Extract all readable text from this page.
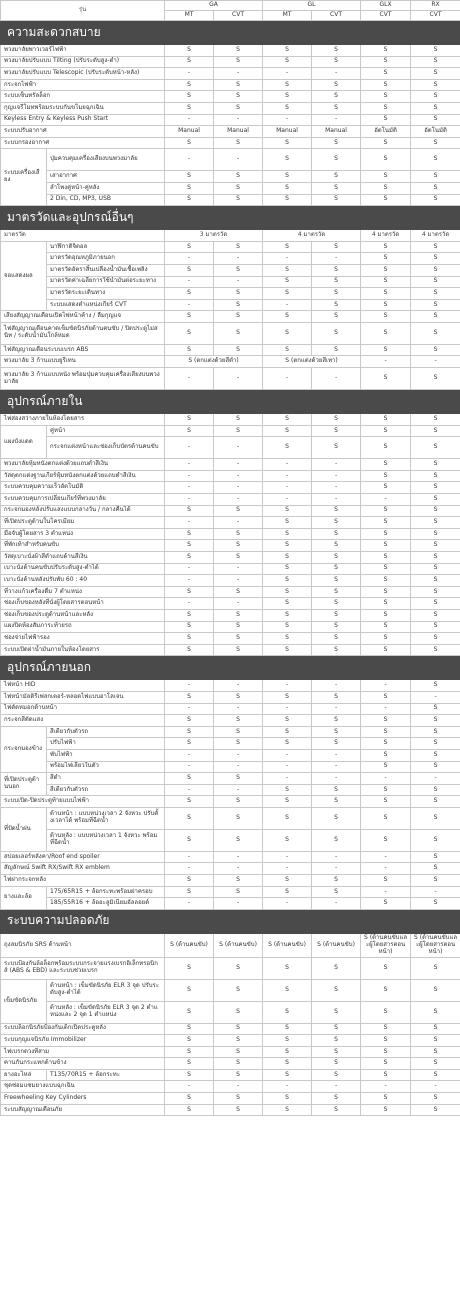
รุ่น		GA		GL		GLX	RX
		MT	CVT	MT	CVT	CVT	CVT
ความสะดวกสบาย							
พวงมาลัยพาวเวอร์ไฟฟ้า		S	S	S	S	S	S
พวงมาลัยปรับแบบ Tilting (ปรับระดับสูง-ต่ำ)		S	S	S	S	S	S
พวงมาลัยปรับแบบ Telescopic (ปรับระดับหน้า-หลัง)		-	-	-	-	S	S
กระจกไฟฟ้า		S	S	S	S	S	S
ระบบเซ็นทรัลล็อก		S	S	S	S	S	S
กุญแจรีโมทพร้อมระบบกันขโมยฉุกเฉิน		S	S	S	S	S	S
Keyless Entry & Keyless Push Start		-	-	-	-	S	S
ระบบปรับอากาศ		Manual	Manual	Manual	Manual	อัตโนมัติ	อัตโนมัติ
ระบบกรองอากาศ		S	S	S	S	S	S
ระบบเครื่องเสียง	ปุ่มควบคุมเครื่องเสียงบนพวงมาลัย	-	-	S	S	S	S
	เสาอากาศ	S	S	S	S	S	S
	ลำโพงคู่หน้า-คู่หลัง	S	S	S	S	S	S
	2 Din, CD, MP3, USB	S	S	S	S	S	S
มาตรวัดและอุปกรณ์อื่นๆ							
มาตรวัด		3 มาตรวัด		4 มาตรวัด		4 มาตรวัด	4 มาตรวัด
จอแสดงผล	นาฬิกาดิจิตอล	S	S	S	S	S	S
	มาตรวัดอุณหภูมิภายนอก	-	-	-	-	S	S
	มาตรวัดอัตราสิ้นเปลืองน้ำมันเชื้อเพลิง	S	S	S	S	S	S
	มาตรวัดค่าเฉลี่ยการใช้น้ำมันต่อระยะทาง	-	-	S	S	S	S
	มาตรวัดระยะเดินทาง	S	S	S	S	S	S
	ระบบแสดงตำแหน่งเกียร์ CVT	-	S	-	S	S	S
เสียงสัญญาณเตือนเปิดไฟหน้าค้าง / ลืมกุญแจ		S	S	S	S	S	S
ไฟสัญญาณเตือนคาดเข็มขัดนิรภัยด้านคนขับ / ปิดประตูไม่สนิท / ระดับน้ำมันใกล้หมด		S	S	S	S	S	S
ไฟสัญญาณเตือนระบบเบรก ABS		S	S	S	S	S	S
พวงมาลัย 3 ก้านแบบยูรีเทน		S (ตกแต่งด้วยสีดำ)		S (ตกแต่งด้วยสีเทา)		-	-
พวงมาลัย 3 ก้านแบบหนัง พร้อมปุ่มควบคุมเครื่องเสียงบนพวงมาลัย		-	-	-	-	S	S
อุปกรณ์ภายใน							
ไฟส่องสว่างภายในห้องโดยสาร		S	S	S	S	S	S
แผงบังแดด	คู่หน้า	S	S	S	S	S	S
	กระจกแต่งหน้าและช่องเก็บบัตรด้านคนขับ	-	-	S	S	S	S
พวงมาลัยหุ้มหนังตกแต่งด้วยแถบดำสีเงิน		-	-	-	-	S	S
วัสดุตกแต่งฐานเกียร์หุ้มหนังตกแต่งด้วยแถบดำสีเงิน		-	-	-	-	S	S
ระบบควบคุมความเร็วอัตโนมัติ		-	-	-	-	S	S
ระบบควบคุมการเปลี่ยนเกียร์ที่พวงมาลัย		-	-	-	-	-	S
กระจกมองหลังปรับแสงแบบกลางวัน / กลางคืนได้		S	S	S	S	S	S
ที่เปิดประตูด้านในโครเมียม		-	-	S	S	S	S
มือจับผู้โดยสาร 3 ตำแหน่ง		S	S	S	S	S	S
ที่พักเท้าสำหรับคนขับ		S	S	S	S	S	S
วัสดุเบาะนั่งผ้าสีดำแถบด้านสีเงิน		S	S	S	S	S	S
เบาะนั่งด้านคนขับปรับระดับสูง-ต่ำได้		-	-	S	S	S	S
เบาะนั่งด้านหลังปรับพับ 60 : 40		-	-	S	S	S	S
ที่วางแก้วเครื่องดื่ม 7 ตำแหน่ง		S	S	S	S	S	S
ช่องเก็บของหลังที่นั่งผู้โดยสารตอนหน้า		-	-	S	S	S	S
ช่องเก็บของประตูด้านหน้าและหลัง		S	S	S	S	S	S
แผงปิดห้องสัมภาระท้ายรถ		S	S	S	S	S	S
ช่องจ่ายไฟฟ้ารอง		S	S	S	S	S	S
ระบบเปิดฝาน้ำมันภายในห้องโดยสาร		S	S	S	S	S	S
อุปกรณ์ภายนอก							
ไฟหน้า HID		-	-	-	-	-	S
ไฟหน้ามัลติรีเฟลกเตอร์-หลอดไฟแบบฮาโลเจน		S	S	S	S	S	-
ไฟตัดหมอกด้านหน้า		-	-	-	-	-	S
กระจกสีตัดแสง		S	S	S	S	S	S
กระจกมองข้าง	สีเดียวกับตัวรถ	S	S	S	S	S	S
	ปรับไฟฟ้า	S	S	S	S	S	S
	พับไฟฟ้า	-	-	-	-	S	S
	พร้อมไฟเลี้ยวในตัว	-	-	-	-	S	S
ที่เปิดประตูด้านนอก	สีดำ	S	S	-	-	-	-
	สีเดียวกับตัวรถ	-	-	S	S	S	S
ระบบเปิด-ปิดประตูท้ายแบบไฟฟ้า		S	S	S	S	S	S
ที่ปัดน้ำฝน	ด้านหน้า : แบบหน่วงเวลา 2 จังหวะ ปรับตั้งเวลาได้ พร้อมที่ฉีดน้ำ	S	S	S	S	S	S
	ด้านหลัง : แบบหน่วงเวลา 1 จังหวะ พร้อมที่ฉีดน้ำ	S	S	S	S	S	S
สปอยเลอร์หลังคา/Roof end spoiler		-	-	-	-	-	S
สัญลักษณ์ Swift RX/Swift RX emblem		-	-	-	-	-	S
ไฟฝากระจกหลัง		S	S	S	S	S	S
ยางและล้อ	175/65R15 + ล้อกระทะพร้อมฝาครอบ	S	S	S	S	-	-
	185/55R16 + ล้ออะลูมิเนียมอัลลอยด์	-	-	-	-	S	S
ระบบความปลอดภัย							
ถุงลมนิรภัย SRS ด้านหน้า		S (ด้านคนขับ)	S (ด้านคนขับ)	S (ด้านคนขับ)	S (ด้านคนขับ)	S (ด้านคนขับและผู้โดยสารตอนหน้า)	S (ด้านคนขับและผู้โดยสารตอนหน้า)
ระบบป้องกันล้อล็อกพร้อมระบบกระจายแรงเบรกอิเล็กทรอนิกส์ (ABS & EBD) และระบบช่วยเบรก		S	S	S	S	S	S
เข็มขัดนิรภัย	ด้านหน้า : เข็มขัดนิรภัย ELR 3 จุด ปรับระดับสูง-ต่ำได้	S	S	S	S	S	S
	ด้านหลัง : เข็มขัดนิรภัย ELR 3 จุด 2 ตำแหน่งและ 2 จุด 1 ตำแหน่ง	S	S	S	S	S	S
ระบบล็อกนิรภัยป้องกันเด็กเปิดประตูหลัง		S	S	S	S	S	S
ระบบกุญแจนิรภัย Immobilizer		S	S	S	S	S	S
ไฟเบรกดวงที่สาม		S	S	S	S	S	S
คานกันกระแทกด้านข้าง		S	S	S	S	S	S
ยางอะไหล่	T135/70R15 + ล้อกระทะ	S	S	S	S	S	S
ชุดซ่อมแซมยางแบบฉุกเฉิน		-	-	-	-	-	-
Freewheeling Key Cylinders		S	S	S	S	S	S
ระบบสัญญาณเตือนภัย		S	S	S	S	S	S
